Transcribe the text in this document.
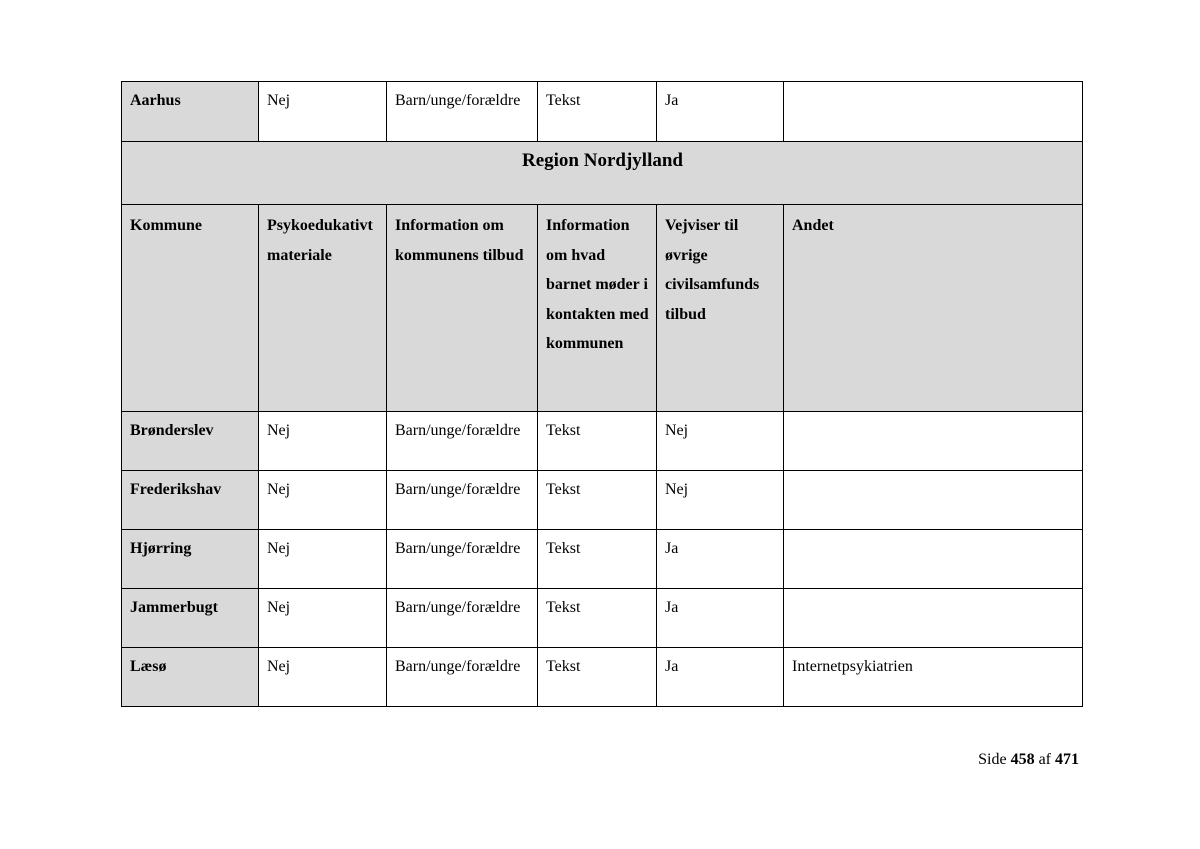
Aarhus	Nej	Barn/unge/forældre	Tekst	Ja	
Region Nordjylland					
Kommune	Psykoedukativt materiale	Information om kommunens tilbud	Information om hvad barnet møder i kontakten med kommunen	Vejviser til øvrige civilsamfunds tilbud	Andet
Brønderslev	Nej	Barn/unge/forældre	Tekst	Nej	
Frederikshav	Nej	Barn/unge/forældre	Tekst	Nej	
Hjørring	Nej	Barn/unge/forældre	Tekst	Ja	
Jammerbugt	Nej	Barn/unge/forældre	Tekst	Ja	
Læsø	Nej	Barn/unge/forældre	Tekst	Ja	Internetpsykiatrien
Side 458 af 471
